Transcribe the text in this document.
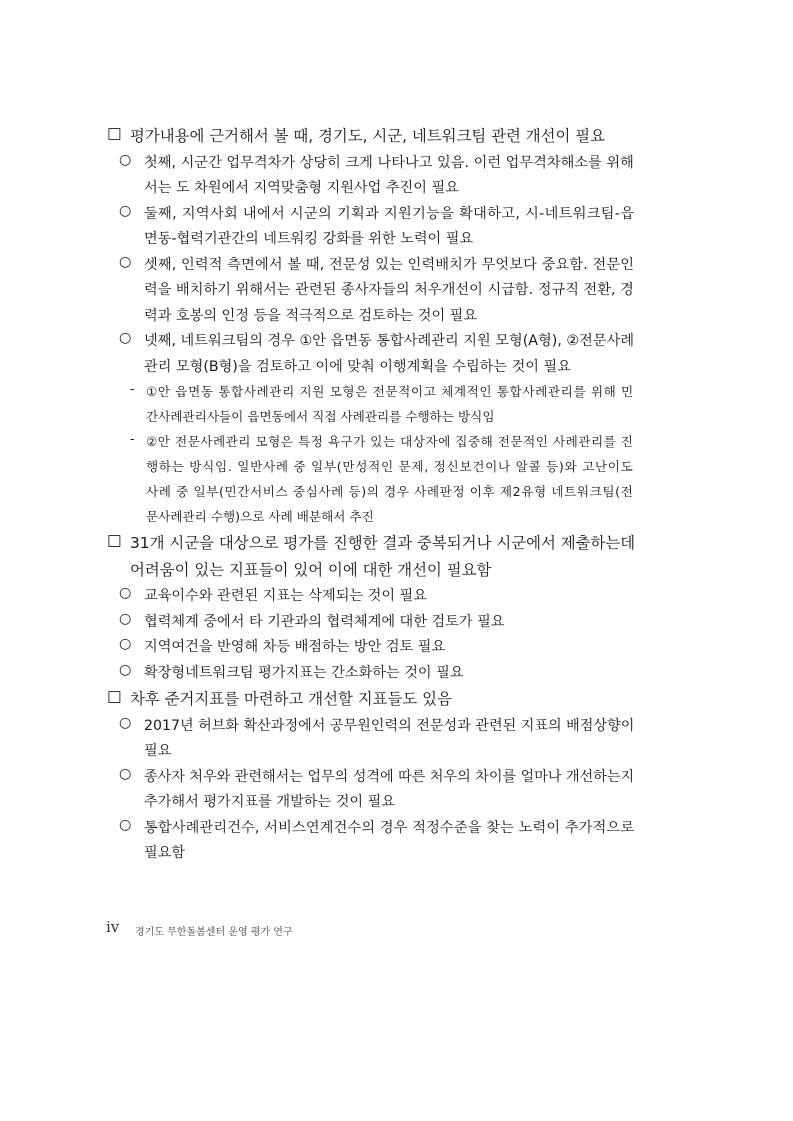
□ 평가내용에 근거해서 볼 때, 경기도, 시군, 네트워크팀 관련 개선이 필요
○ 첫째, 시군간 업무격차가 상당히 크게 나타나고 있음. 이런 업무격차해소를 위해
서는 도 차원에서 지역맞춤형 지원사업 추진이 필요
○ 둘째, 지역사회 내에서 시군의 기획과 지원기능을 확대하고, 시-네트워크팀-읍
면동-협력기관간의 네트워킹 강화를 위한 노력이 필요
○ 셋째, 인력적 측면에서 볼 때, 전문성 있는 인력배치가 무엇보다 중요함. 전문인
력을 배치하기 위해서는 관련된 종사자들의 처우개선이 시급함. 정규직 전환, 경
력과 호봉의 인정 등을 적극적으로 검토하는 것이 필요
○ 넷째, 네트워크팀의 경우 ①안 읍면동 통합사례관리 지원 모형(A형), ②전문사례
관리 모형(B형)을 검토하고 이에 맞춰 이행계획을 수립하는 것이 필요
- ①안 읍면동 통합사례관리 지원 모형은 전문적이고 체계적인 통합사례관리를 위해 민
간사례관리사들이 읍면동에서 직접 사례관리를 수행하는 방식임
- ②안 전문사례관리 모형은 특정 욕구가 있는 대상자에 집중해 전문적인 사례관리를 진
행하는 방식임. 일반사례 중 일부(만성적인 문제, 정신보건이나 알콜 등)와 고난이도
사례 중 일부(민간서비스 중심사례 등)의 경우 사례판정 이후 제2유형 네트워크팀(전
문사례관리 수행)으로 사례 배분해서 추진
□ 31개 시군을 대상으로 평가를 진행한 결과 중복되거나 시군에서 제출하는데
어려움이 있는 지표들이 있어 이에 대한 개선이 필요함
○ 교육이수와 관련된 지표는 삭제되는 것이 필요
○ 협력체계 중에서 타 기관과의 협력체계에 대한 검토가 필요
○ 지역여건을 반영해 차등 배점하는 방안 검토 필요
○ 확장형네트워크팀 평가지표는 간소화하는 것이 필요
□ 차후 준거지표를 마련하고 개선할 지표들도 있음
○ 2017년 허브화 확산과정에서 공무원인력의 전문성과 관련된 지표의 배점상향이
필요
○ 종사자 처우와 관련해서는 업무의 성격에 따른 처우의 차이를 얼마나 개선하는지
추가해서 평가지표를 개발하는 것이 필요
○ 통합사례관리건수, 서비스연계건수의 경우 적정수준을 찾는 노력이 추가적으로
필요함
iv 경기도 무한돌봄센터 운영 평가 연구
